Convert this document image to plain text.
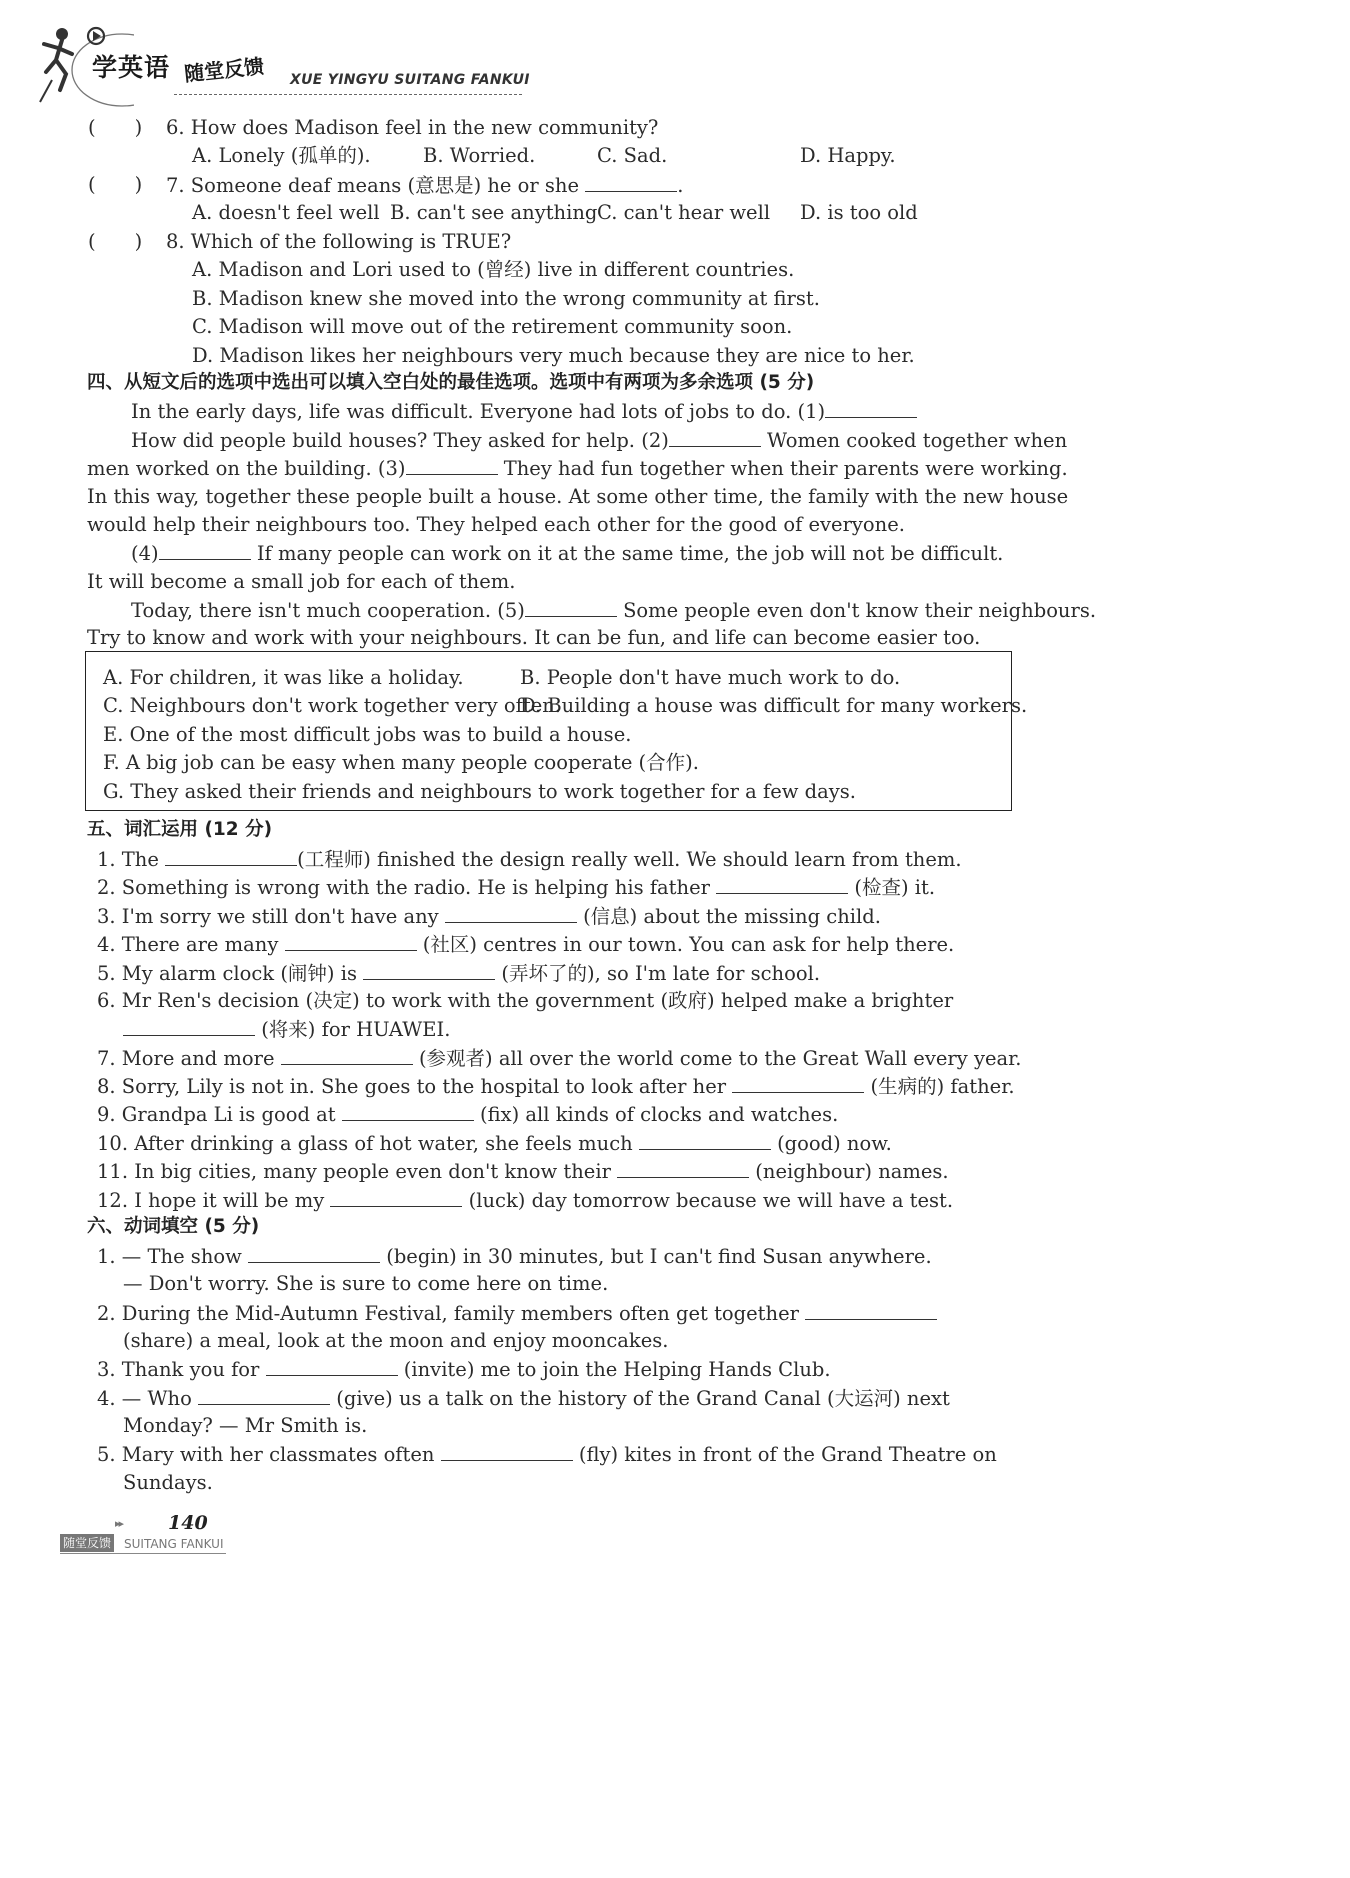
学英语 随堂反馈 XUE YINGYU SUITANG FANKUI
(　　) 6. How does Madison feel in the new community?
A. Lonely (孤单的).	B. Worried.	C. Sad.	D. Happy.
(　　) 7. Someone deaf means (意思是) he or she	.
A. doesn't feel well B. can't see anything C. can't hear well D. is too old
(　　) 8. Which of the following is TRUE?
A. Madison and Lori used to (曾经) live in different countries.
B. Madison knew she moved into the wrong community at first.
C. Madison will move out of the retirement community soon.
D. Madison likes her neighbours very much because they are nice to her.
四、从短文后的选项中选出可以填入空白处的最佳选项。选项中有两项为多余选项 (5 分)
In the early days, life was difficult. Everyone had lots of jobs to do. (1)
How did people build houses? They asked for help. (2)	Women cooked together when
men worked on the building. (3)	They had fun together when their parents were working.
In this way, together these people built a house. At some other time, the family with the new house
would help their neighbours too. They helped each other for the good of everyone.
(4)	If many people can work on it at the same time, the job will not be difficult.
It will become a small job for each of them.
Today, there isn't much cooperation. (5)	Some people even don't know their neighbours.
Try to know and work with your neighbours. It can be fun, and life can become easier too.
A. For children, it was like a holiday.	B. People don't have much work to do.
C. Neighbours don't work together very often.
D. Building a house was difficult for many workers.
E. One of the most difficult jobs was to build a house.
F. A big job can be easy when many people cooperate (合作).
G. They asked their friends and neighbours to work together for a few days.
五、词汇运用 (12 分)
1. The	(工程师) finished the design really well. We should learn from them.
2. Something is wrong with the radio. He is helping his father	(检查) it.
3. I'm sorry we still don't have any	(信息) about the missing child.
4. There are many	(社区) centres in our town. You can ask for help there.
5. My alarm clock (闹钟) is	(弄坏了的), so I'm late for school.
6. Mr Ren's decision (决定) to work with the government (政府) helped make a brighter
(将来) for HUAWEI.
7. More and more	(参观者) all over the world come to the Great Wall every year.
8. Sorry, Lily is not in. She goes to the hospital to look after her	(生病的) father.
9. Grandpa Li is good at	(fix) all kinds of clocks and watches.
10. After drinking a glass of hot water, she feels much	(good) now.
11. In big cities, many people even don't know their	(neighbour) names.
12. I hope it will be my	(luck) day tomorrow because we will have a test.
六、动词填空 (5 分)
1. — The show	(begin) in 30 minutes, but I can't find Susan anywhere.
— Don't worry. She is sure to come here on time.
2. During the Mid-Autumn Festival, family members often get together
(share) a meal, look at the moon and enjoy mooncakes.
3. Thank you for	(invite) me to join the Helping Hands Club.
4. — Who	(give) us a talk on the history of the Grand Canal (大运河) next
Monday? — Mr Smith is.
5. Mary with her classmates often	(fly) kites in front of the Grand Theatre on
Sundays.
▸▸ 140
随堂反馈 SUITANG FANKUI
